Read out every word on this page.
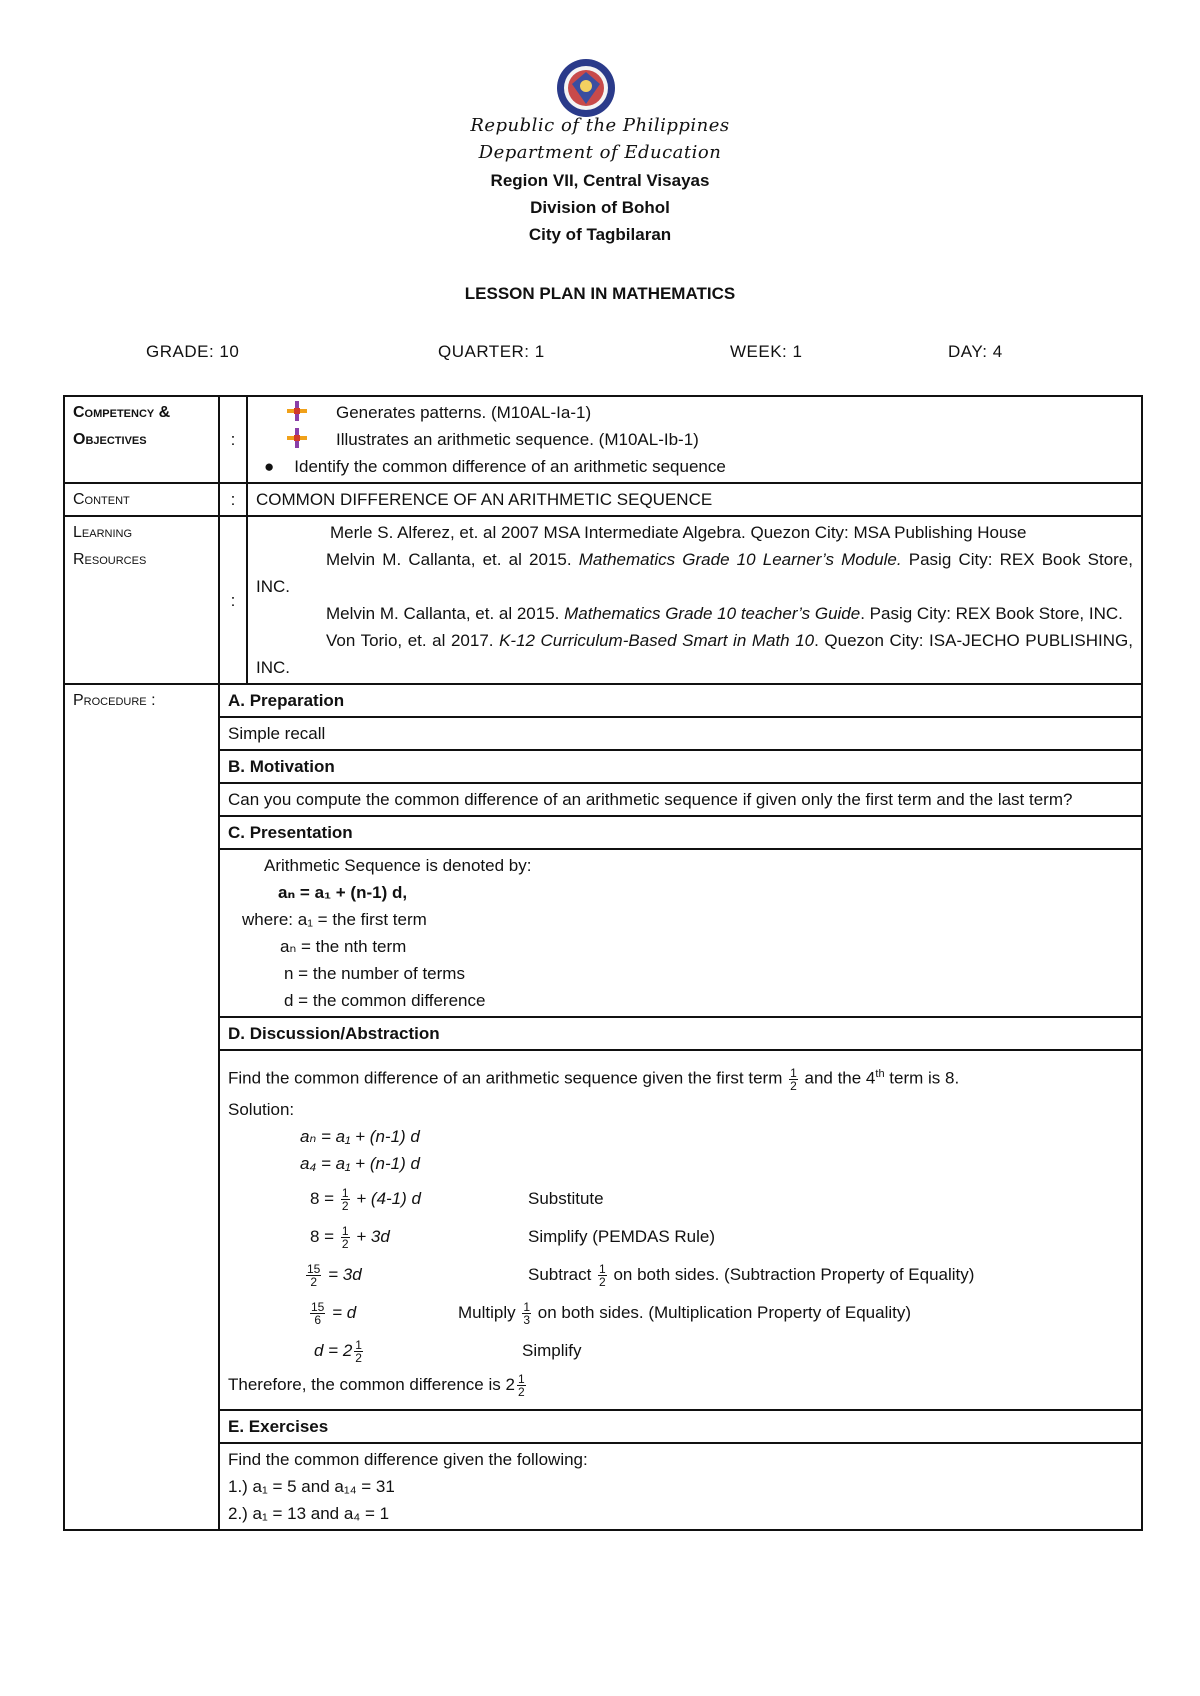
Republic of the Philippines
Department of Education
Region VII, Central Visayas
Division of Bohol
City of Tagbilaran
LESSON PLAN IN MATHEMATICS
GRADE: 10	QUARTER: 1	WEEK: 1	DAY: 4
Competency &
Objectives	:	
Generates patterns. (M10AL-Ia-1)
Illustrates an arithmetic sequence. (M10AL-Ib-1)
● Identify the common difference of an arithmetic sequence

Content	:	COMMON DIFFERENCE OF AN ARITHMETIC SEQUENCE

Learning
Resources
	:	
Merle S. Alferez, et. al 2007 MSA Intermediate Algebra. Quezon City: MSA Publishing House
Melvin M. Callanta, et. al 2015. Mathematics Grade 10 Learner’s Module. Pasig City: REX Book Store, INC.
Melvin M. Callanta, et. al 2015. Mathematics Grade 10 teacher’s Guide. Pasig City: REX Book Store, INC.
Von Torio, et. al 2017. K-12 Curriculum-Based Smart in Math 10. Quezon City: ISA-JECHO PUBLISHING, INC.

Procedure :		A. Preparation
Simple recall
B. Motivation
Can you compute the common difference of an arithmetic sequence if given only the first term and the last term?
C. Presentation

Arithmetic Sequence is denoted by:
aₙ = a₁ + (n-1) d,
where: a₁ = the first term
aₙ = the nth term
n = the number of terms
d = the common difference

D. Discussion/Abstraction

Find the common difference of an arithmetic sequence given the first term $\frac{1}{2}$ and the 4th term is 8.
Solution:
aₙ = a₁ + (n-1) d
a₄ = a₁ + (n-1) d
$8 = \frac{1}{2} + (4-1)$ d	Substitute
$8 = \frac{1}{2} + 3d$	Simplify (PEMDAS Rule)
$\frac{15}{2} = 3d$	Subtract $\frac{1}{2}$ on both sides. (Subtraction Property of Equality)
$\frac{15}{6} = d$	Multiply $\frac{1}{3}$ on both sides. (Multiplication Property of Equality)
$d = 2 \frac{1}{2}$	Simplify
Therefore, the common difference is $2 \frac{1}{2}$

E. Exercises

Find the common difference given the following:
1.) a₁ = 5 and a₁₄ = 31
2.) a₁ = 13 and a₄ = 1
